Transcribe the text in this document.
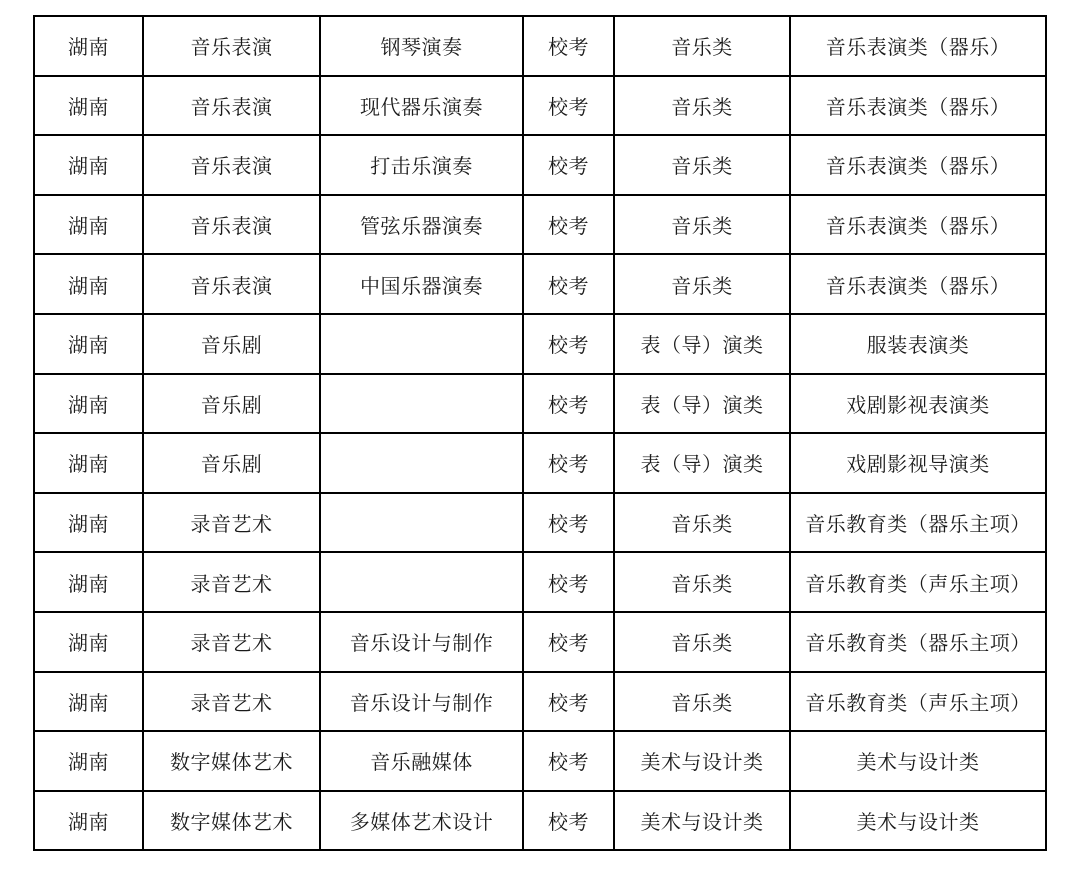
湖南	音乐表演	钢琴演奏	校考	音乐类	音乐表演类（器乐）
湖南	音乐表演	现代器乐演奏	校考	音乐类	音乐表演类（器乐）
湖南	音乐表演	打击乐演奏	校考	音乐类	音乐表演类（器乐）
湖南	音乐表演	管弦乐器演奏	校考	音乐类	音乐表演类（器乐）
湖南	音乐表演	中国乐器演奏	校考	音乐类	音乐表演类（器乐）
湖南	音乐剧		校考	表（导）演类	服装表演类
湖南	音乐剧		校考	表（导）演类	戏剧影视表演类
湖南	音乐剧		校考	表（导）演类	戏剧影视导演类
湖南	录音艺术		校考	音乐类	音乐教育类（器乐主项）
湖南	录音艺术		校考	音乐类	音乐教育类（声乐主项）
湖南	录音艺术	音乐设计与制作	校考	音乐类	音乐教育类（器乐主项）
湖南	录音艺术	音乐设计与制作	校考	音乐类	音乐教育类（声乐主项）
湖南	数字媒体艺术	音乐融媒体	校考	美术与设计类	美术与设计类
湖南	数字媒体艺术	多媒体艺术设计	校考	美术与设计类	美术与设计类
